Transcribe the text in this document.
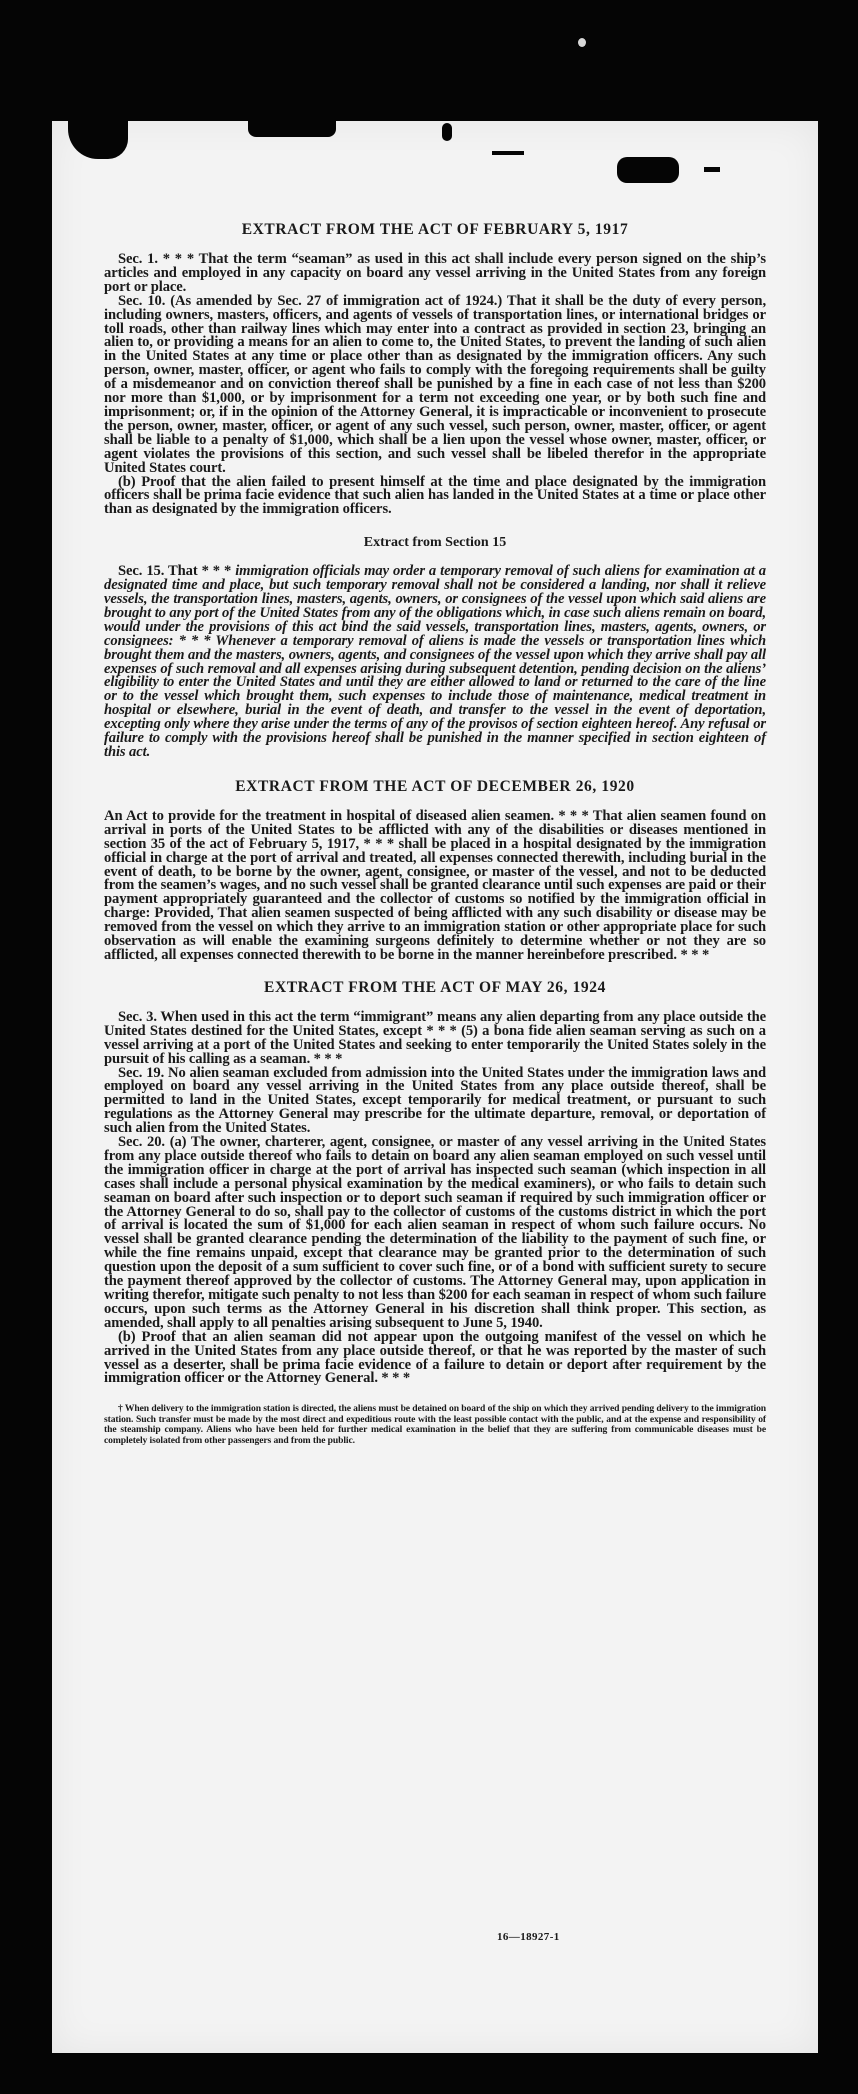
EXTRACT FROM THE ACT OF FEBRUARY 5, 1917

Sec. 1. * * * That the term “seaman” as used in this act shall include every person signed on the ship’s articles and employed in any capacity on board any vessel arriving in the United States from any foreign port or place.

Sec. 10. (As amended by Sec. 27 of immigration act of 1924.) That it shall be the duty of every person, including owners, masters, officers, and agents of vessels of transportation lines, or international bridges or toll roads, other than railway lines which may enter into a contract as provided in section 23, bringing an alien to, or providing a means for an alien to come to, the United States, to prevent the landing of such alien in the United States at any time or place other than as designated by the immigration officers. Any such person, owner, master, officer, or agent who fails to comply with the foregoing requirements shall be guilty of a misdemeanor and on conviction thereof shall be punished by a fine in each case of not less than $200 nor more than $1,000, or by imprisonment for a term not exceeding one year, or by both such fine and imprisonment; or, if in the opinion of the Attorney General, it is impracticable or inconvenient to prosecute the person, owner, master, officer, or agent of any such vessel, such person, owner, master, officer, or agent shall be liable to a penalty of $1,000, which shall be a lien upon the vessel whose owner, master, officer, or agent violates the provisions of this section, and such vessel shall be libeled therefor in the appropriate United States court.

(b) Proof that the alien failed to present himself at the time and place designated by the immigration officers shall be prima facie evidence that such alien has landed in the United States at a time or place other than as designated by the immigration officers.

Extract from Section 15

Sec. 15. That * * * immigration officials may order a temporary removal of such aliens for examination at a designated time and place, but such temporary removal shall not be considered a landing, nor shall it relieve vessels, the transportation lines, masters, agents, owners, or consignees of the vessel upon which said aliens are brought to any port of the United States from any of the obligations which, in case such aliens remain on board, would under the provisions of this act bind the said vessels, transportation lines, masters, agents, owners, or consignees: * * * Whenever a temporary removal of aliens is made the vessels or transportation lines which brought them and the masters, owners, agents, and consignees of the vessel upon which they arrive shall pay all expenses of such removal and all expenses arising during subsequent detention, pending decision on the aliens’ eligibility to enter the United States and until they are either allowed to land or returned to the care of the line or to the vessel which brought them, such expenses to include those of maintenance, medical treatment in hospital or elsewhere, burial in the event of death, and transfer to the vessel in the event of deportation, excepting only where they arise under the terms of any of the provisos of section eighteen hereof. Any refusal or failure to comply with the provisions hereof shall be punished in the manner specified in section eighteen of this act.

EXTRACT FROM THE ACT OF DECEMBER 26, 1920

An Act to provide for the treatment in hospital of diseased alien seamen. * * * That alien seamen found on arrival in ports of the United States to be afflicted with any of the disabilities or diseases mentioned in section 35 of the act of February 5, 1917, * * * shall be placed in a hospital designated by the immigration official in charge at the port of arrival and treated, all expenses connected therewith, including burial in the event of death, to be borne by the owner, agent, consignee, or master of the vessel, and not to be deducted from the seamen’s wages, and no such vessel shall be granted clearance until such expenses are paid or their payment appropriately guaranteed and the collector of customs so notified by the immigration official in charge: Provided, That alien seamen suspected of being afflicted with any such disability or disease may be removed from the vessel on which they arrive to an immigration station or other appropriate place for such observation as will enable the examining surgeons definitely to determine whether or not they are so afflicted, all expenses connected therewith to be borne in the manner hereinbefore prescribed. * * *

EXTRACT FROM THE ACT OF MAY 26, 1924

Sec. 3. When used in this act the term “immigrant” means any alien departing from any place outside the United States destined for the United States, except * * * (5) a bona fide alien seaman serving as such on a vessel arriving at a port of the United States and seeking to enter temporarily the United States solely in the pursuit of his calling as a seaman. * * *

Sec. 19. No alien seaman excluded from admission into the United States under the immigration laws and employed on board any vessel arriving in the United States from any place outside thereof, shall be permitted to land in the United States, except temporarily for medical treatment, or pursuant to such regulations as the Attorney General may prescribe for the ultimate departure, removal, or deportation of such alien from the United States.

Sec. 20. (a) The owner, charterer, agent, consignee, or master of any vessel arriving in the United States from any place outside thereof who fails to detain on board any alien seaman employed on such vessel until the immigration officer in charge at the port of arrival has inspected such seaman (which inspection in all cases shall include a personal physical examination by the medical examiners), or who fails to detain such seaman on board after such inspection or to deport such seaman if required by such immigration officer or the Attorney General to do so, shall pay to the collector of customs of the customs district in which the port of arrival is located the sum of $1,000 for each alien seaman in respect of whom such failure occurs. No vessel shall be granted clearance pending the determination of the liability to the payment of such fine, or while the fine remains unpaid, except that clearance may be granted prior to the determination of such question upon the deposit of a sum sufficient to cover such fine, or of a bond with sufficient surety to secure the payment thereof approved by the collector of customs. The Attorney General may, upon application in writing therefor, mitigate such penalty to not less than $200 for each seaman in respect of whom such failure occurs, upon such terms as the Attorney General in his discretion shall think proper. This section, as amended, shall apply to all penalties arising subsequent to June 5, 1940.

(b) Proof that an alien seaman did not appear upon the outgoing manifest of the vessel on which he arrived in the United States from any place outside thereof, or that he was reported by the master of such vessel as a deserter, shall be prima facie evidence of a failure to detain or deport after requirement by the immigration officer or the Attorney General. * * *

† When delivery to the immigration station is directed, the aliens must be detained on board of the ship on which they arrived pending delivery to the immigration station. Such transfer must be made by the most direct and expeditious route with the least possible contact with the public, and at the expense and responsibility of the steamship company. Aliens who have been held for further medical examination in the belief that they are suffering from communicable diseases must be completely isolated from other passengers and from the public.

16—18927-1
